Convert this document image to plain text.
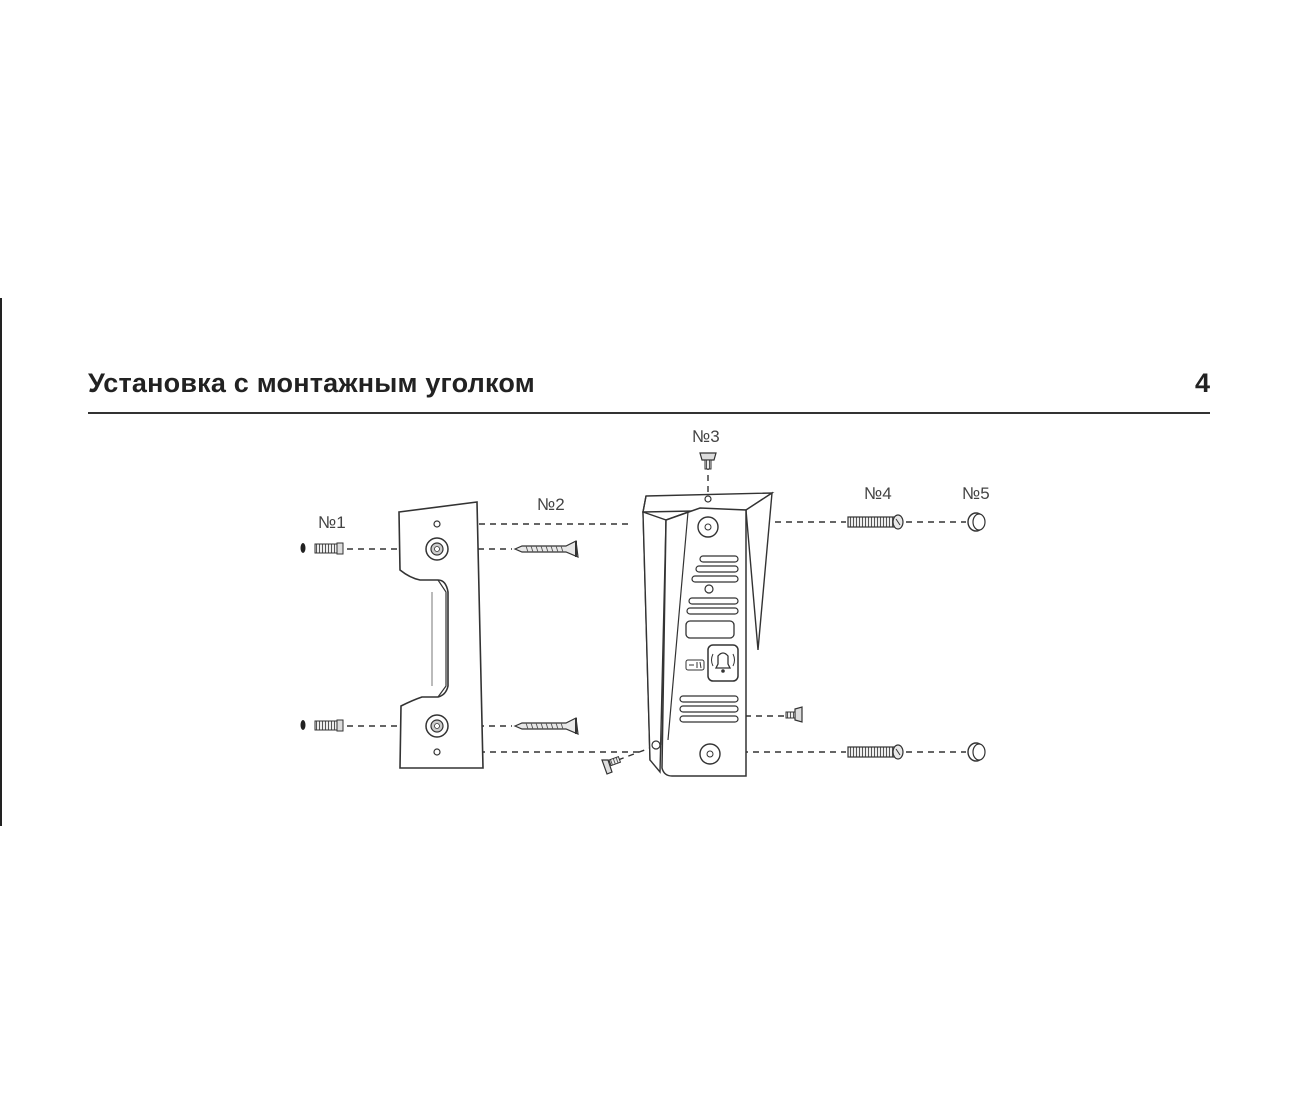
Установка с монтажным уголком	4
№1
№2
№3
№4	№5
